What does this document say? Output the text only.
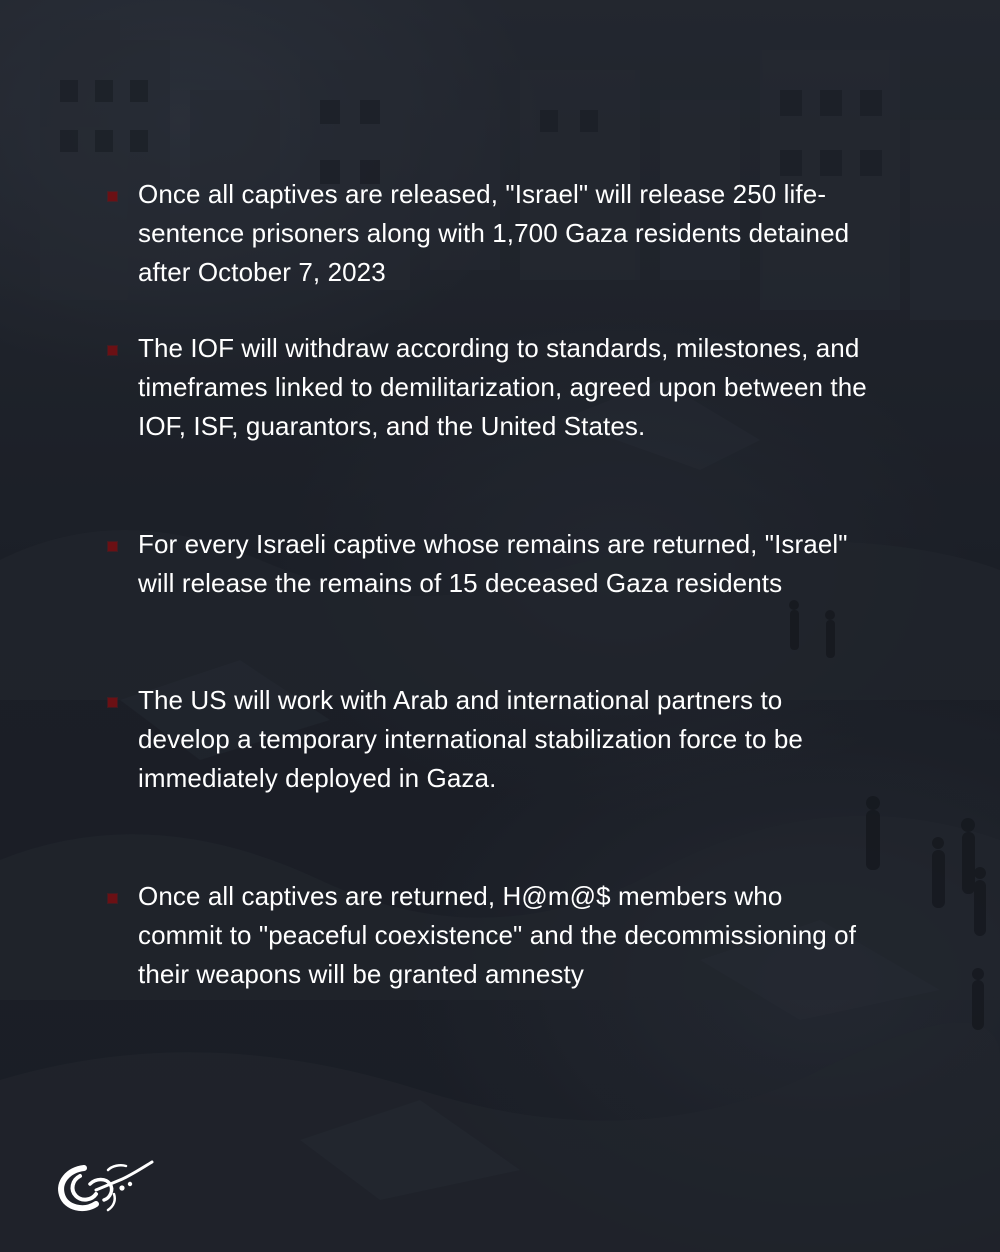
Once all captives are released, "Israel" will release 250 life-sentence prisoners along with 1,700 Gaza residents detained after October 7, 2023

The IOF will withdraw according to standards, milestones, and timeframes linked to demilitarization, agreed upon between the IOF, ISF, guarantors, and the United States.

For every Israeli captive whose remains are returned, "Israel" will release the remains of 15 deceased Gaza residents

The US will work with Arab and international partners to develop a temporary international stabilization force to be immediately deployed in Gaza.

Once all captives are returned, H@m@$ members who commit to "peaceful coexistence" and the decommissioning of their weapons will be granted amnesty
